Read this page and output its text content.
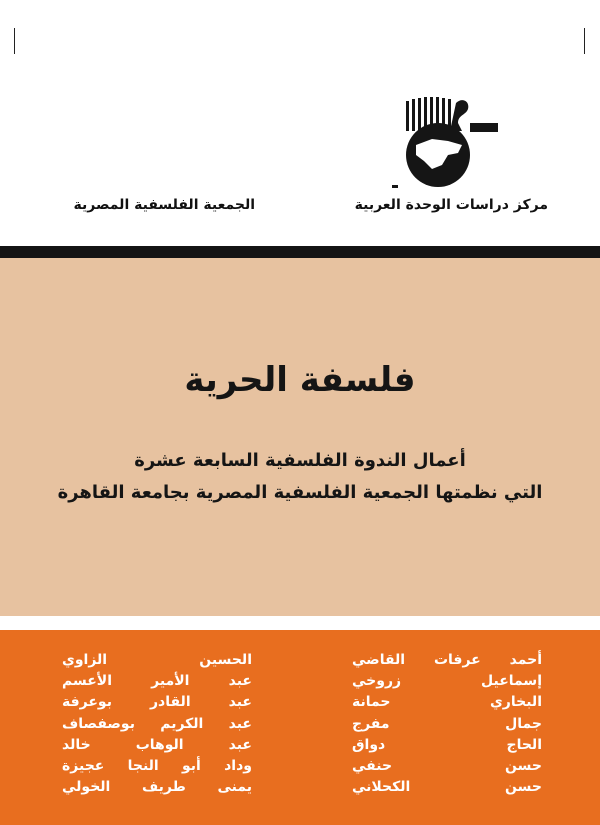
مركز دراسات الوحدة العربية
الجمعية الفلسفية المصرية
فلسفة الحرية
أعمال الندوة الفلسفية السابعة عشرة
التي نظمتها الجمعية الفلسفية المصرية بجامعة القاهرة
أحمد عرفات القاضي
إسماعيل زروخي
البخاري حمانة
جمال مفرج
الحاج دواق
حسن حنفي
حسن الكحلاني
الحسين الزاوي
عبد الأمير الأعسم
عبد القادر بوعرفة
عبد الكريم بوصفصاف
عبد الوهاب خالد
وداد أبو النجا عجيزة
يمنى طريف الخولي
